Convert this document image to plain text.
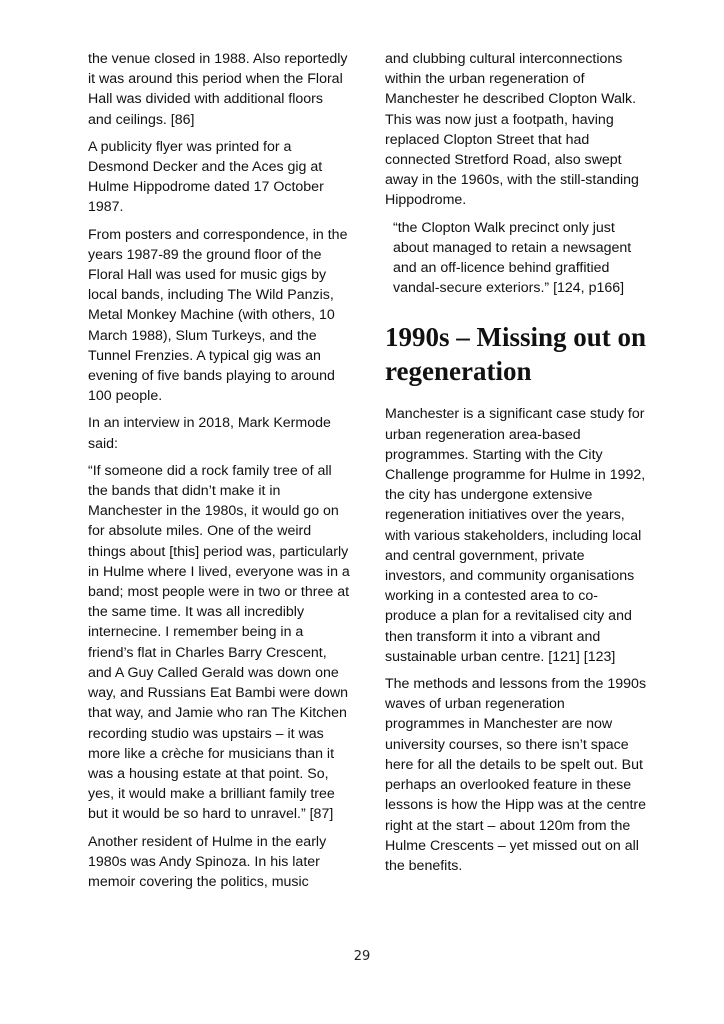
the venue closed in 1988. Also reportedly it was around this period when the Floral Hall was divided with additional floors and ceilings. [86]

A publicity flyer was printed for a Desmond Decker and the Aces gig at Hulme Hippodrome dated 17 October 1987.

From posters and correspondence, in the years 1987-89 the ground floor of the Floral Hall was used for music gigs by local bands, including The Wild Panzis, Metal Monkey Machine (with others, 10 March 1988), Slum Turkeys, and the Tunnel Frenzies. A typical gig was an evening of five bands playing to around 100 people.

In an interview in 2018, Mark Kermode said:

“If someone did a rock family tree of all the bands that didn’t make it in Manchester in the 1980s, it would go on for absolute miles. One of the weird things about [this] period was, particularly in Hulme where I lived, everyone was in a band; most people were in two or three at the same time. It was all incredibly internecine. I remember being in a friend’s flat in Charles Barry Crescent, and A Guy Called Gerald was down one way, and Russians Eat Bambi were down that way, and Jamie who ran The Kitchen recording studio was upstairs – it was more like a crèche for musicians than it was a housing estate at that point. So, yes, it would make a brilliant family tree but it would be so hard to unravel.” [87]

Another resident of Hulme in the early 1980s was Andy Spinoza. In his later memoir covering the politics, music

and clubbing cultural interconnections within the urban regeneration of Manchester he described Clopton Walk. This was now just a footpath, having replaced Clopton Street that had connected Stretford Road, also swept away in the 1960s, with the still-standing Hippodrome.

“the Clopton Walk precinct only just about managed to retain a newsagent and an off-licence behind graffitied vandal-secure exteriors.” [124, p166]

1990s – Missing out on regeneration

Manchester is a significant case study for urban regeneration area-based programmes. Starting with the City Challenge programme for Hulme in 1992, the city has undergone extensive regeneration initiatives over the years, with various stakeholders, including local and central government, private investors, and community organisations working in a contested area to co-produce a plan for a revitalised city and then transform it into a vibrant and sustainable urban centre. [121] [123]

The methods and lessons from the 1990s waves of urban regeneration programmes in Manchester are now university courses, so there isn’t space here for all the details to be spelt out. But perhaps an overlooked feature in these lessons is how the Hipp was at the centre right at the start – about 120m from the Hulme Crescents – yet missed out on all the benefits.

29
